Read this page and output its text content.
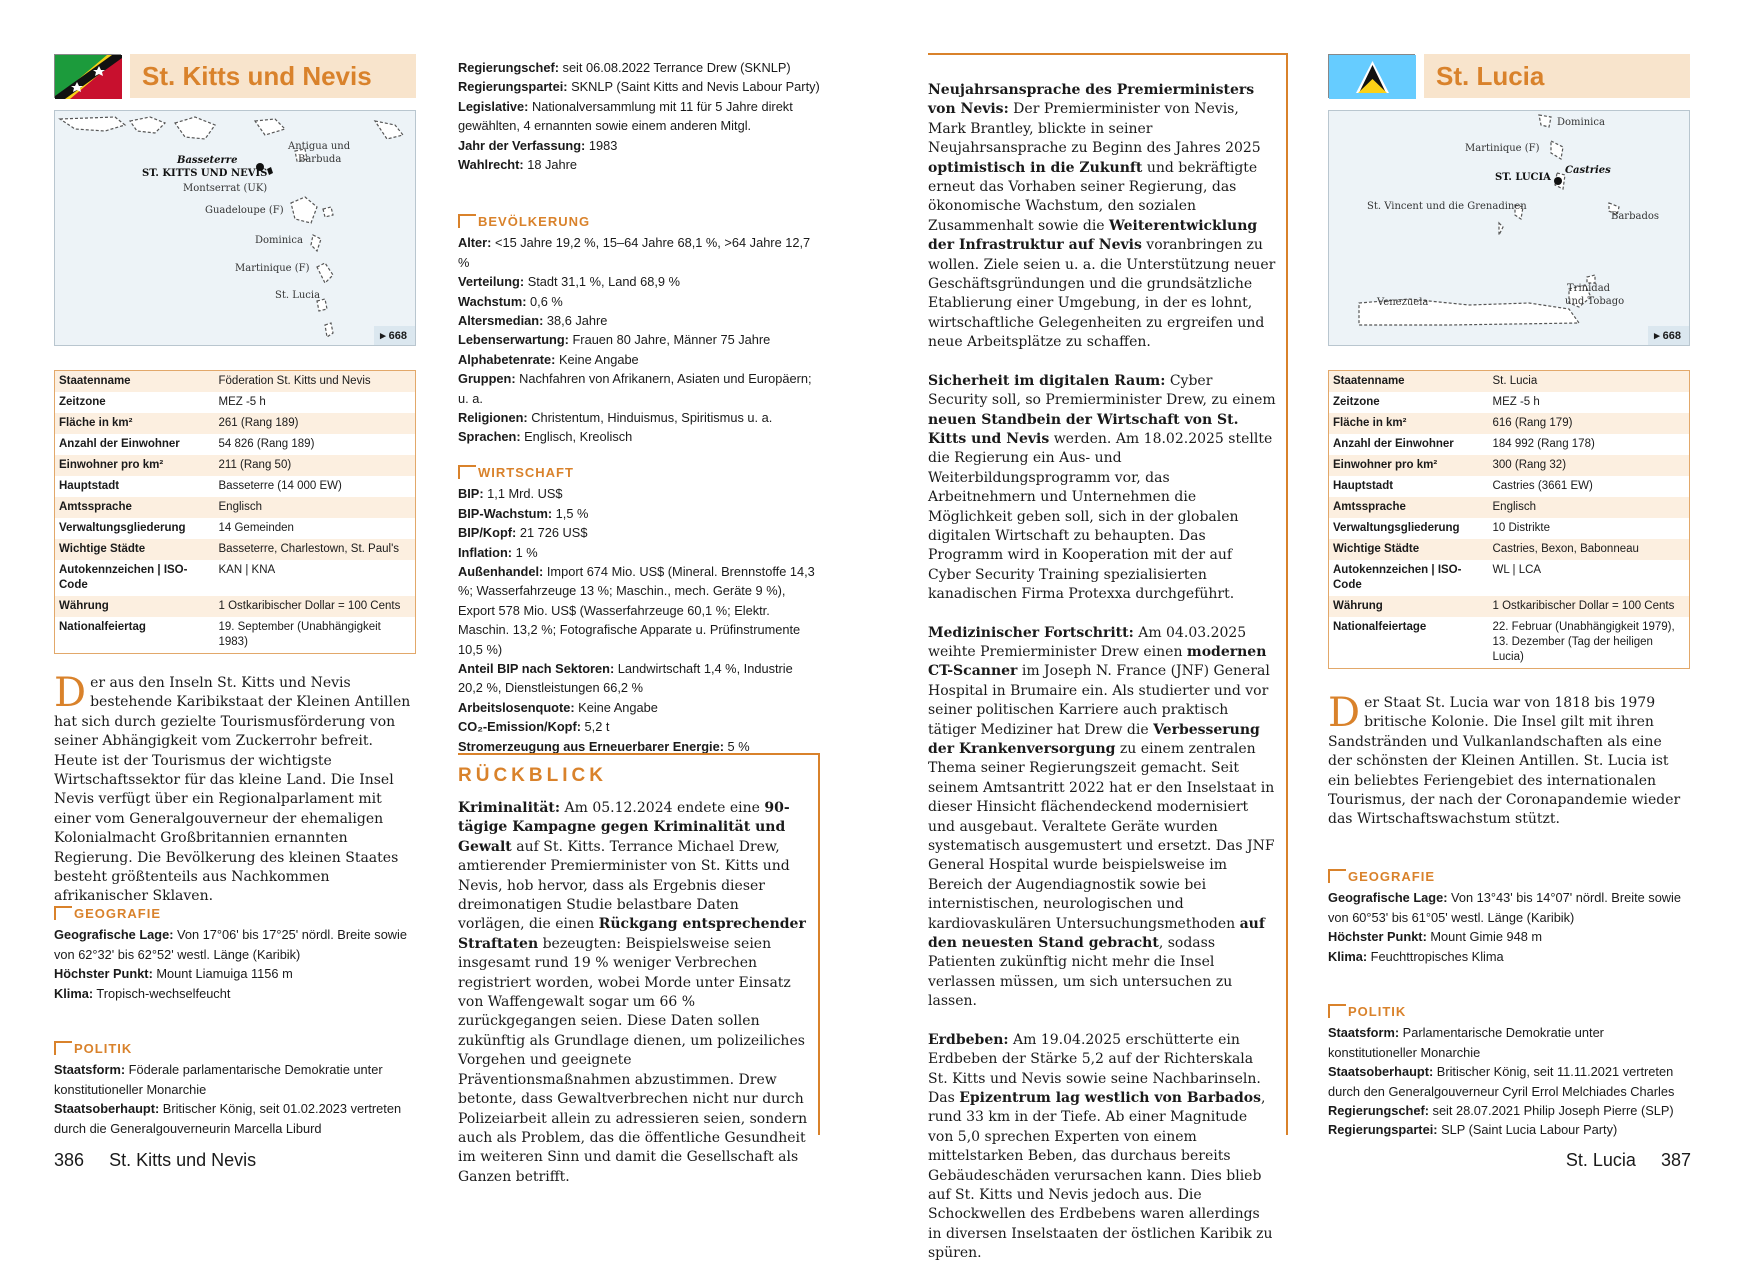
St. Kitts und Nevis
Basseterre
ST. KITTS UND NEVIS
Montserrat (UK)
Antigua und
Barbuda
Guadeloupe (F)
Dominica
Martinique (F)
St. Lucia
▸ 668
Staatenname	Föderation St. Kitts und Nevis
Zeitzone	MEZ -5 h
Fläche in km²	261 (Rang 189)
Anzahl der Einwohner	54 826 (Rang 189)
Einwohner pro km²	211 (Rang 50)
Hauptstadt	Basseterre (14 000 EW)
Amtssprache	Englisch
Verwaltungsgliederung	14 Gemeinden
Wichtige Städte	Basseterre, Charlestown, St. Paul's
Autokennzeichen | ISO-Code	KAN | KNA
Währung	1 Ostkaribischer Dollar = 100 Cents
Nationalfeiertag	19. September (Unabhängigkeit 1983)
Der aus den Inseln St. Kitts und Nevis bestehende Karibikstaat der Kleinen Antillen hat sich durch gezielte Tourismusförderung von seiner Abhängigkeit vom Zuckerrohr befreit. Heute ist der Tourismus der wichtigste Wirtschaftssektor für das kleine Land. Die Insel Nevis verfügt über ein Regionalparlament mit einer vom Generalgouverneur der ehemaligen Kolonialmacht Großbritannien ernannten Regierung. Die Bevölkerung des kleinen Staates besteht größtenteils aus Nachkommen afrikanischer Sklaven.
GEOGRAFIE

Geografische Lage: Von 17°06' bis 17°25' nördl. Breite sowie von 62°32' bis 62°52' westl. Länge (Karibik)

Höchster Punkt: Mount Liamuiga 1156 m

Klima: Tropisch-wechselfeucht

POLITIK

Staatsform: Föderale parlamentarische Demokratie unter konstitutioneller Monarchie

Staatsoberhaupt: Britischer König, seit 01.02.2023 vertreten durch die Generalgouverneurin Marcella Liburd

Regierungschef: seit 06.08.2022 Terrance Drew (SKNLP)

Regierungspartei: SKNLP (Saint Kitts and Nevis Labour Party)

Legislative: Nationalversammlung mit 11 für 5 Jahre direkt gewählten, 4 ernannten sowie einem anderen Mitgl.

Jahr der Verfassung: 1983

Wahlrecht: 18 Jahre

BEVÖLKERUNG

Alter: <15 Jahre 19,2 %, 15–64 Jahre 68,1 %, >64 Jahre 12,7 %

Verteilung: Stadt 31,1 %, Land 68,9 %

Wachstum: 0,6 %

Altersmedian: 38,6 Jahre

Lebenserwartung: Frauen 80 Jahre, Männer 75 Jahre

Alphabetenrate: Keine Angabe

Gruppen: Nachfahren von Afrikanern, Asiaten und Europäern; u. a.

Religionen: Christentum, Hinduismus, Spiritismus u. a.

Sprachen: Englisch, Kreolisch

WIRTSCHAFT

BIP: 1,1 Mrd. US$

BIP-Wachstum: 1,5 %

BIP/Kopf: 21 726 US$

Inflation: 1 %

Außenhandel: Import 674 Mio. US$ (Mineral. Brennstoffe 14,3 %; Wasserfahrzeuge 13 %; Maschin., mech. Geräte 9 %), Export 578 Mio. US$ (Wasserfahrzeuge 60,1 %; Elektr. Maschin. 13,2 %; Fotografische Apparate u. Prüfinstrumente 10,5 %)

Anteil BIP nach Sektoren: Landwirtschaft 1,4 %, Industrie 20,2 %, Dienstleistungen 66,2 %

Arbeitslosenquote: Keine Angabe

CO₂-Emission/Kopf: 5,2 t

Stromerzeugung aus Erneuerbarer Energie: 5 %

RÜCKBLICK
Kriminalität: Am 05.12.2024 endete eine 90-tägige Kampagne gegen Kriminalität und Gewalt auf St. Kitts. Terrance Michael Drew, amtierender Premierminister von St. Kitts und Nevis, hob hervor, dass als Ergebnis dieser dreimonatigen Studie belastbare Daten vorlägen, die einen Rückgang entsprechender Straftaten bezeugten: Beispielsweise seien insgesamt rund 19 % weniger Verbrechen registriert worden, wobei Morde unter Einsatz von Waffengewalt sogar um 66 % zurückgegangen seien. Diese Daten sollen zukünftig als Grundlage dienen, um polizeiliches Vorgehen und geeignete Präventionsmaßnahmen abzustimmen. Drew betonte, dass Gewaltverbrechen nicht nur durch Polizeiarbeit allein zu adressieren seien, sondern auch als Problem, das die öffentliche Gesundheit im weiteren Sinn und damit die Gesellschaft als Ganzen betrifft.
386 St. Kitts und Nevis

Neujahrsansprache des Premierministers von Nevis: Der Premierminister von Nevis, Mark Brantley, blickte in seiner Neujahrsansprache zu Beginn des Jahres 2025 optimistisch in die Zukunft und bekräftigte erneut das Vorhaben seiner Regierung, das ökonomische Wachstum, den sozialen Zusammenhalt sowie die Weiterentwicklung der Infrastruktur auf Nevis voranbringen zu wollen. Ziele seien u. a. die Unterstützung neuer Geschäftsgründungen und die grundsätzliche Etablierung einer Umgebung, in der es lohnt, wirtschaftliche Gelegenheiten zu ergreifen und neue Arbeitsplätze zu schaffen.

Sicherheit im digitalen Raum: Cyber Security soll, so Premierminister Drew, zu einem neuen Standbein der Wirtschaft von St. Kitts und Nevis werden. Am 18.02.2025 stellte die Regierung ein Aus- und Weiterbildungsprogramm vor, das Arbeitnehmern und Unternehmen die Möglichkeit geben soll, sich in der globalen digitalen Wirtschaft zu behaupten. Das Programm wird in Kooperation mit der auf Cyber Security Training spezialisierten kanadischen Firma Protexxa durchgeführt.

Medizinischer Fortschritt: Am 04.03.2025 weihte Premierminister Drew einen modernen CT-Scanner im Joseph N. France (JNF) General Hospital in Brumaire ein. Als studierter und vor seiner politischen Karriere auch praktisch tätiger Mediziner hat Drew die Verbesserung der Krankenversorgung zu einem zentralen Thema seiner Regierungszeit gemacht. Seit seinem Amtsantritt 2022 hat er den Inselstaat in dieser Hinsicht flächendeckend modernisiert und ausgebaut. Veraltete Geräte wurden systematisch ausgemustert und ersetzt. Das JNF General Hospital wurde beispielsweise im Bereich der Augendiagnostik sowie bei internistischen, neurologischen und kardiovaskulären Untersuchungsmethoden auf den neuesten Stand gebracht, sodass Patienten zukünftig nicht mehr die Insel verlassen müssen, um sich untersuchen zu lassen.

Erdbeben: Am 19.04.2025 erschütterte ein Erdbeben der Stärke 5,2 auf der Richterskala St. Kitts und Nevis sowie seine Nachbarinseln. Das Epizentrum lag westlich von Barbados, rund 33 km in der Tiefe. Ab einer Magnitude von 5,0 sprechen Experten von einem mittelstarken Beben, das durchaus bereits Gebäudeschäden verursachen kann. Dies blieb auf St. Kitts und Nevis jedoch aus. Die Schockwellen des Erdbebens waren allerdings in diversen Inselstaaten der östlichen Karibik zu spüren.

St. Lucia
Dominica
Martinique (F)
ST. LUCIA
Castries
St. Vincent und die Grenadinen
Barbados
Trinidad
und Tobago
Venezuela
▸ 668
Staatenname	St. Lucia
Zeitzone	MEZ -5 h
Fläche in km²	616 (Rang 179)
Anzahl der Einwohner	184 992 (Rang 178)
Einwohner pro km²	300 (Rang 32)
Hauptstadt	Castries (3661 EW)
Amtssprache	Englisch
Verwaltungsgliederung	10 Distrikte
Wichtige Städte	Castries, Bexon, Babonneau
Autokennzeichen | ISO-Code	WL | LCA
Währung	1 Ostkaribischer Dollar = 100 Cents
Nationalfeiertage	22. Februar (Unabhängigkeit 1979), 13. Dezember (Tag der heiligen Lucia)
Der Staat St. Lucia war von 1818 bis 1979 britische Kolonie. Die Insel gilt mit ihren Sandstränden und Vulkanlandschaften als eine der schönsten der Kleinen Antillen. St. Lucia ist ein beliebtes Feriengebiet des internationalen Tourismus, der nach der Coronapandemie wieder das Wirtschaftswachstum stützt.
GEOGRAFIE

Geografische Lage: Von 13°43' bis 14°07' nördl. Breite sowie von 60°53' bis 61°05' westl. Länge (Karibik)

Höchster Punkt: Mount Gimie 948 m

Klima: Feuchttropisches Klima

POLITIK

Staatsform: Parlamentarische Demokratie unter konstitutioneller Monarchie

Staatsoberhaupt: Britischer König, seit 11.11.2021 vertreten durch den Generalgouverneur Cyril Errol Melchiades Charles

Regierungschef: seit 28.07.2021 Philip Joseph Pierre (SLP)

Regierungspartei: SLP (Saint Lucia Labour Party)

St. Lucia 387
